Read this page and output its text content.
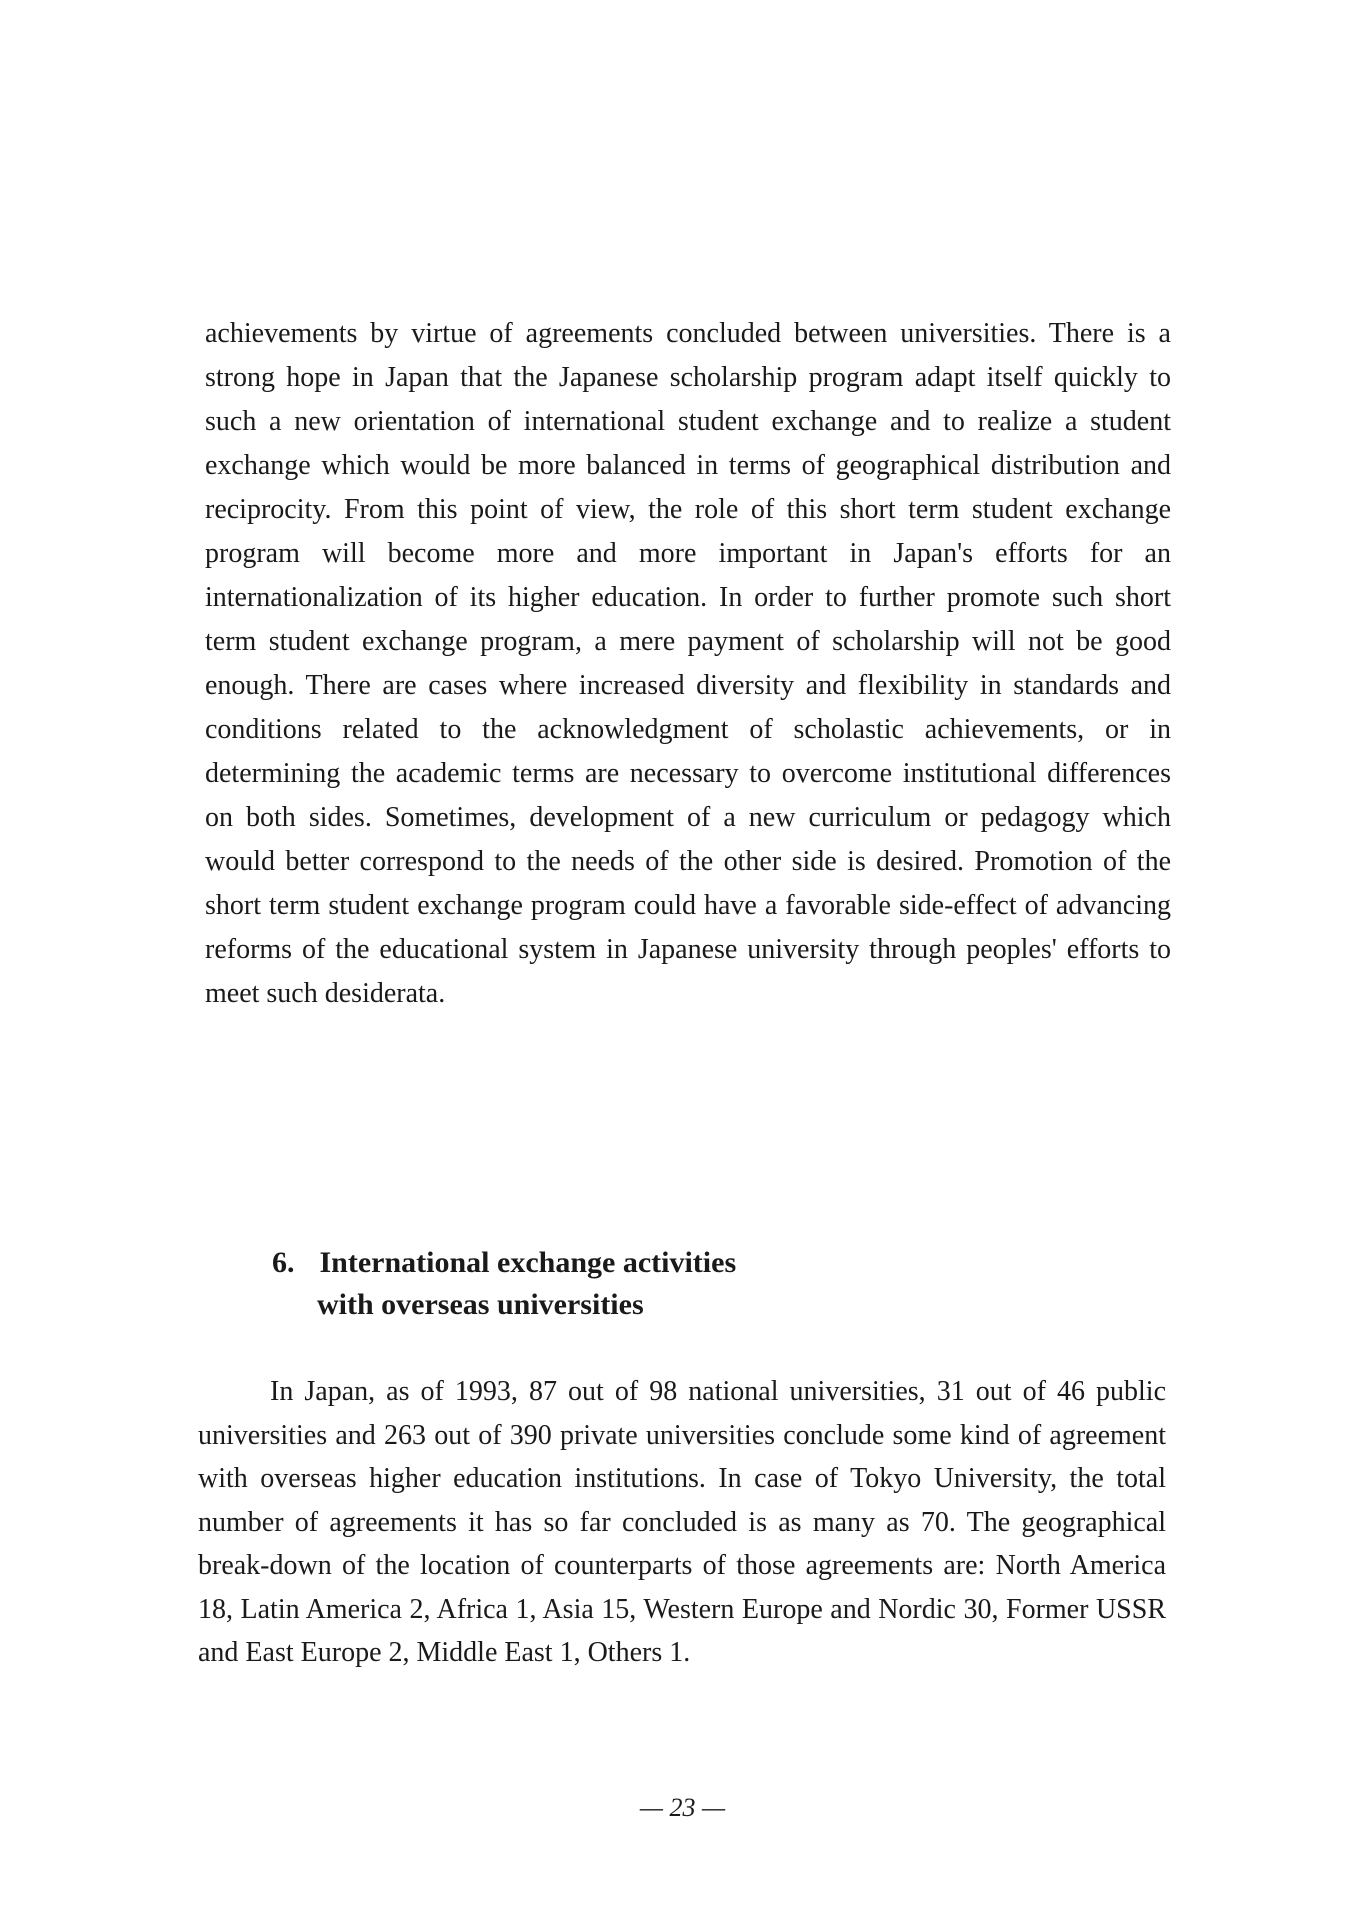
achievements by virtue of agreements concluded between universities. There is a strong hope in Japan that the Japanese scholarship program adapt itself quickly to such a new orientation of international student exchange and to realize a student exchange which would be more balanced in terms of geographical distribution and reciprocity. From this point of view, the role of this short term student exchange program will become more and more important in Japan's efforts for an internationalization of its higher education. In order to further promote such short term student exchange program, a mere payment of scholarship will not be good enough. There are cases where increased diversity and flexibility in standards and conditions related to the acknowledgment of scholastic achievements, or in determining the academic terms are necessary to overcome institutional differences on both sides. Sometimes, development of a new curriculum or pedagogy which would better correspond to the needs of the other side is desired. Promotion of the short term student exchange program could have a favorable side-effect of advancing reforms of the educational system in Japanese university through peoples' efforts to meet such desiderata.

6. International exchange activities
with overseas universities

In Japan, as of 1993, 87 out of 98 national universities, 31 out of 46 public universities and 263 out of 390 private universities conclude some kind of agreement with overseas higher education institutions. In case of Tokyo University, the total number of agreements it has so far concluded is as many as 70. The geographical break-down of the location of counterparts of those agreements are: North America 18, Latin America 2, Africa 1, Asia 15, Western Europe and Nordic 30, Former USSR and East Europe 2, Middle East 1, Others 1.

— 23 —
